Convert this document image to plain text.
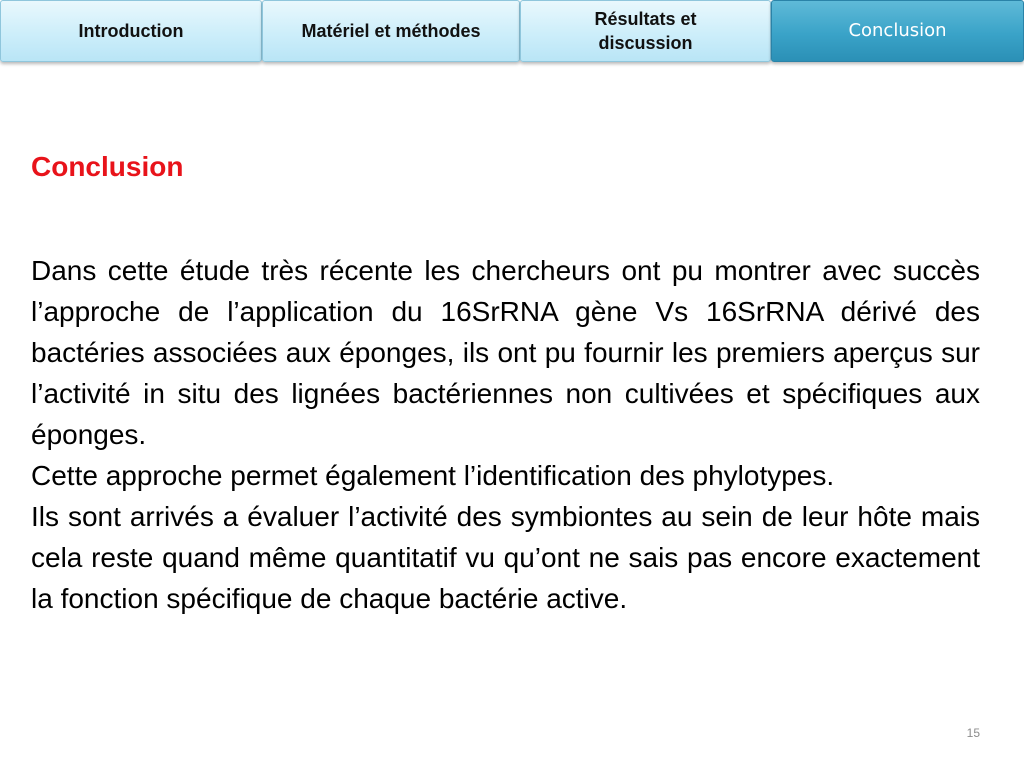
Introduction	Matériel et méthodes
Résultats et discussion
Conclusion
Conclusion

Dans cette étude très récente les chercheurs ont pu montrer avec succès l’approche de l’application du 16SrRNA gène Vs 16SrRNA dérivé des bactéries associées aux éponges, ils ont pu fournir les premiers aperçus sur l’activité in situ des lignées bactériennes non cultivées et spécifiques aux éponges.

Cette approche permet également l’identification des phylotypes.

Ils sont arrivés a évaluer l’activité des symbiontes au sein de leur hôte mais cela reste quand même quantitatif vu qu’ont ne sais pas encore exactement la fonction spécifique de chaque bactérie active.

15
